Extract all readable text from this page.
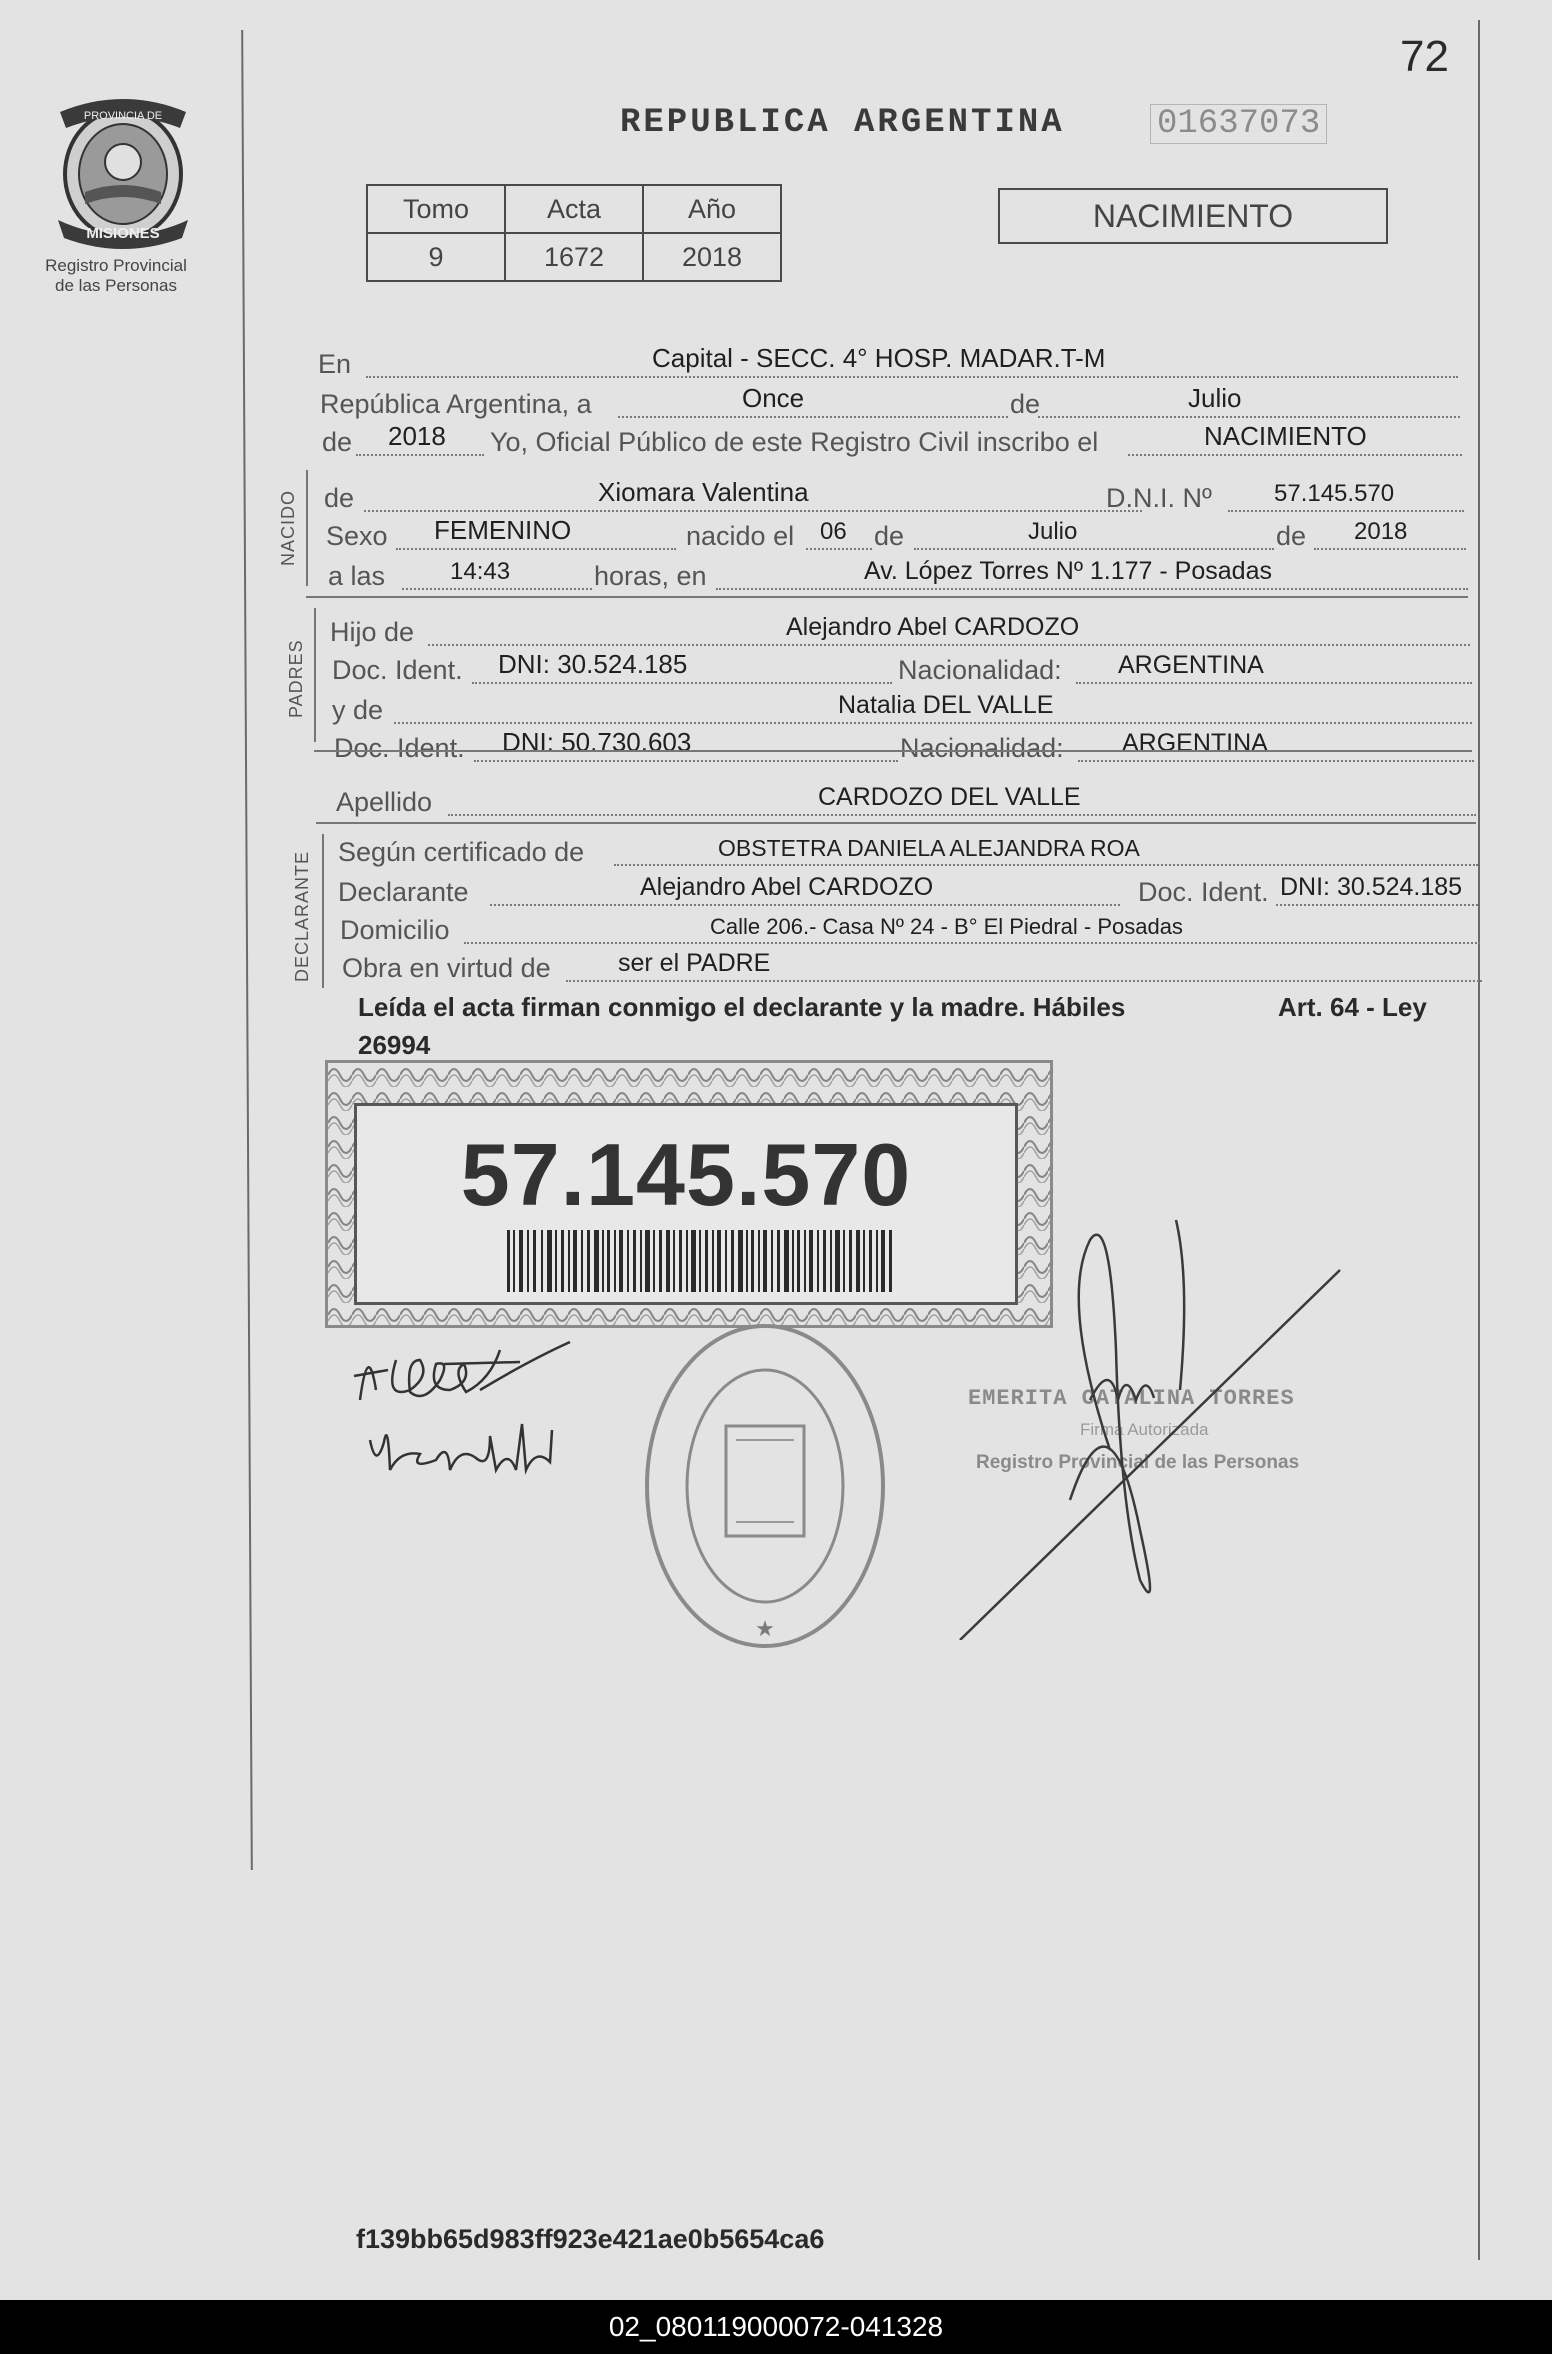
PROVINCIA DE
MISIONES
Registro Provincial
de las Personas
72
REPUBLICA ARGENTINA	01637073
Tomo	Acta	Año
9	1672	2018
NACIMIENTO
En	Capital - SECC. 4° HOSP. MADAR.T-M
República Argentina, a	Once	de	Julio
de 2018 Yo, Oficial Público de este Registro Civil inscribo el	NACIMIENTO
NACIDO de	Xiomara Valentina	D.N.I. Nº	57.145.570
Sexo FEMENINO	nacido el 06 de	Julio	de 2018
a las	14:43	horas, en	Av. López Torres Nº 1.177 - Posadas
PADRES
Hijo de	Alejandro Abel CARDOZO
Doc. Ident. DNI: 30.524.185	Nacionalidad: ARGENTINA
y de	Natalia DEL VALLE
Doc. Ident. DNI: 50.730.603	Nacionalidad: ARGENTINA
Apellido	CARDOZO DEL VALLE
DECLARANTE Según certificado de	OBSTETRA DANIELA ALEJANDRA ROA
Declarante	Alejandro Abel CARDOZO	Doc. Ident. DNI: 30.524.185
Domicilio	Calle 206.- Casa Nº 24 - B° El Piedral - Posadas
Obra en virtud de	ser el PADRE
Leída el acta firman conmigo el declarante y la madre. Hábiles	Art. 64 - Ley
26994
57.145.570
★
EMERITA CATALINA TORRES
Firma Autorizada
Registro Provincial de las Personas
f139bb65d983ff923e421ae0b5654ca6
02_080119000072-041328
